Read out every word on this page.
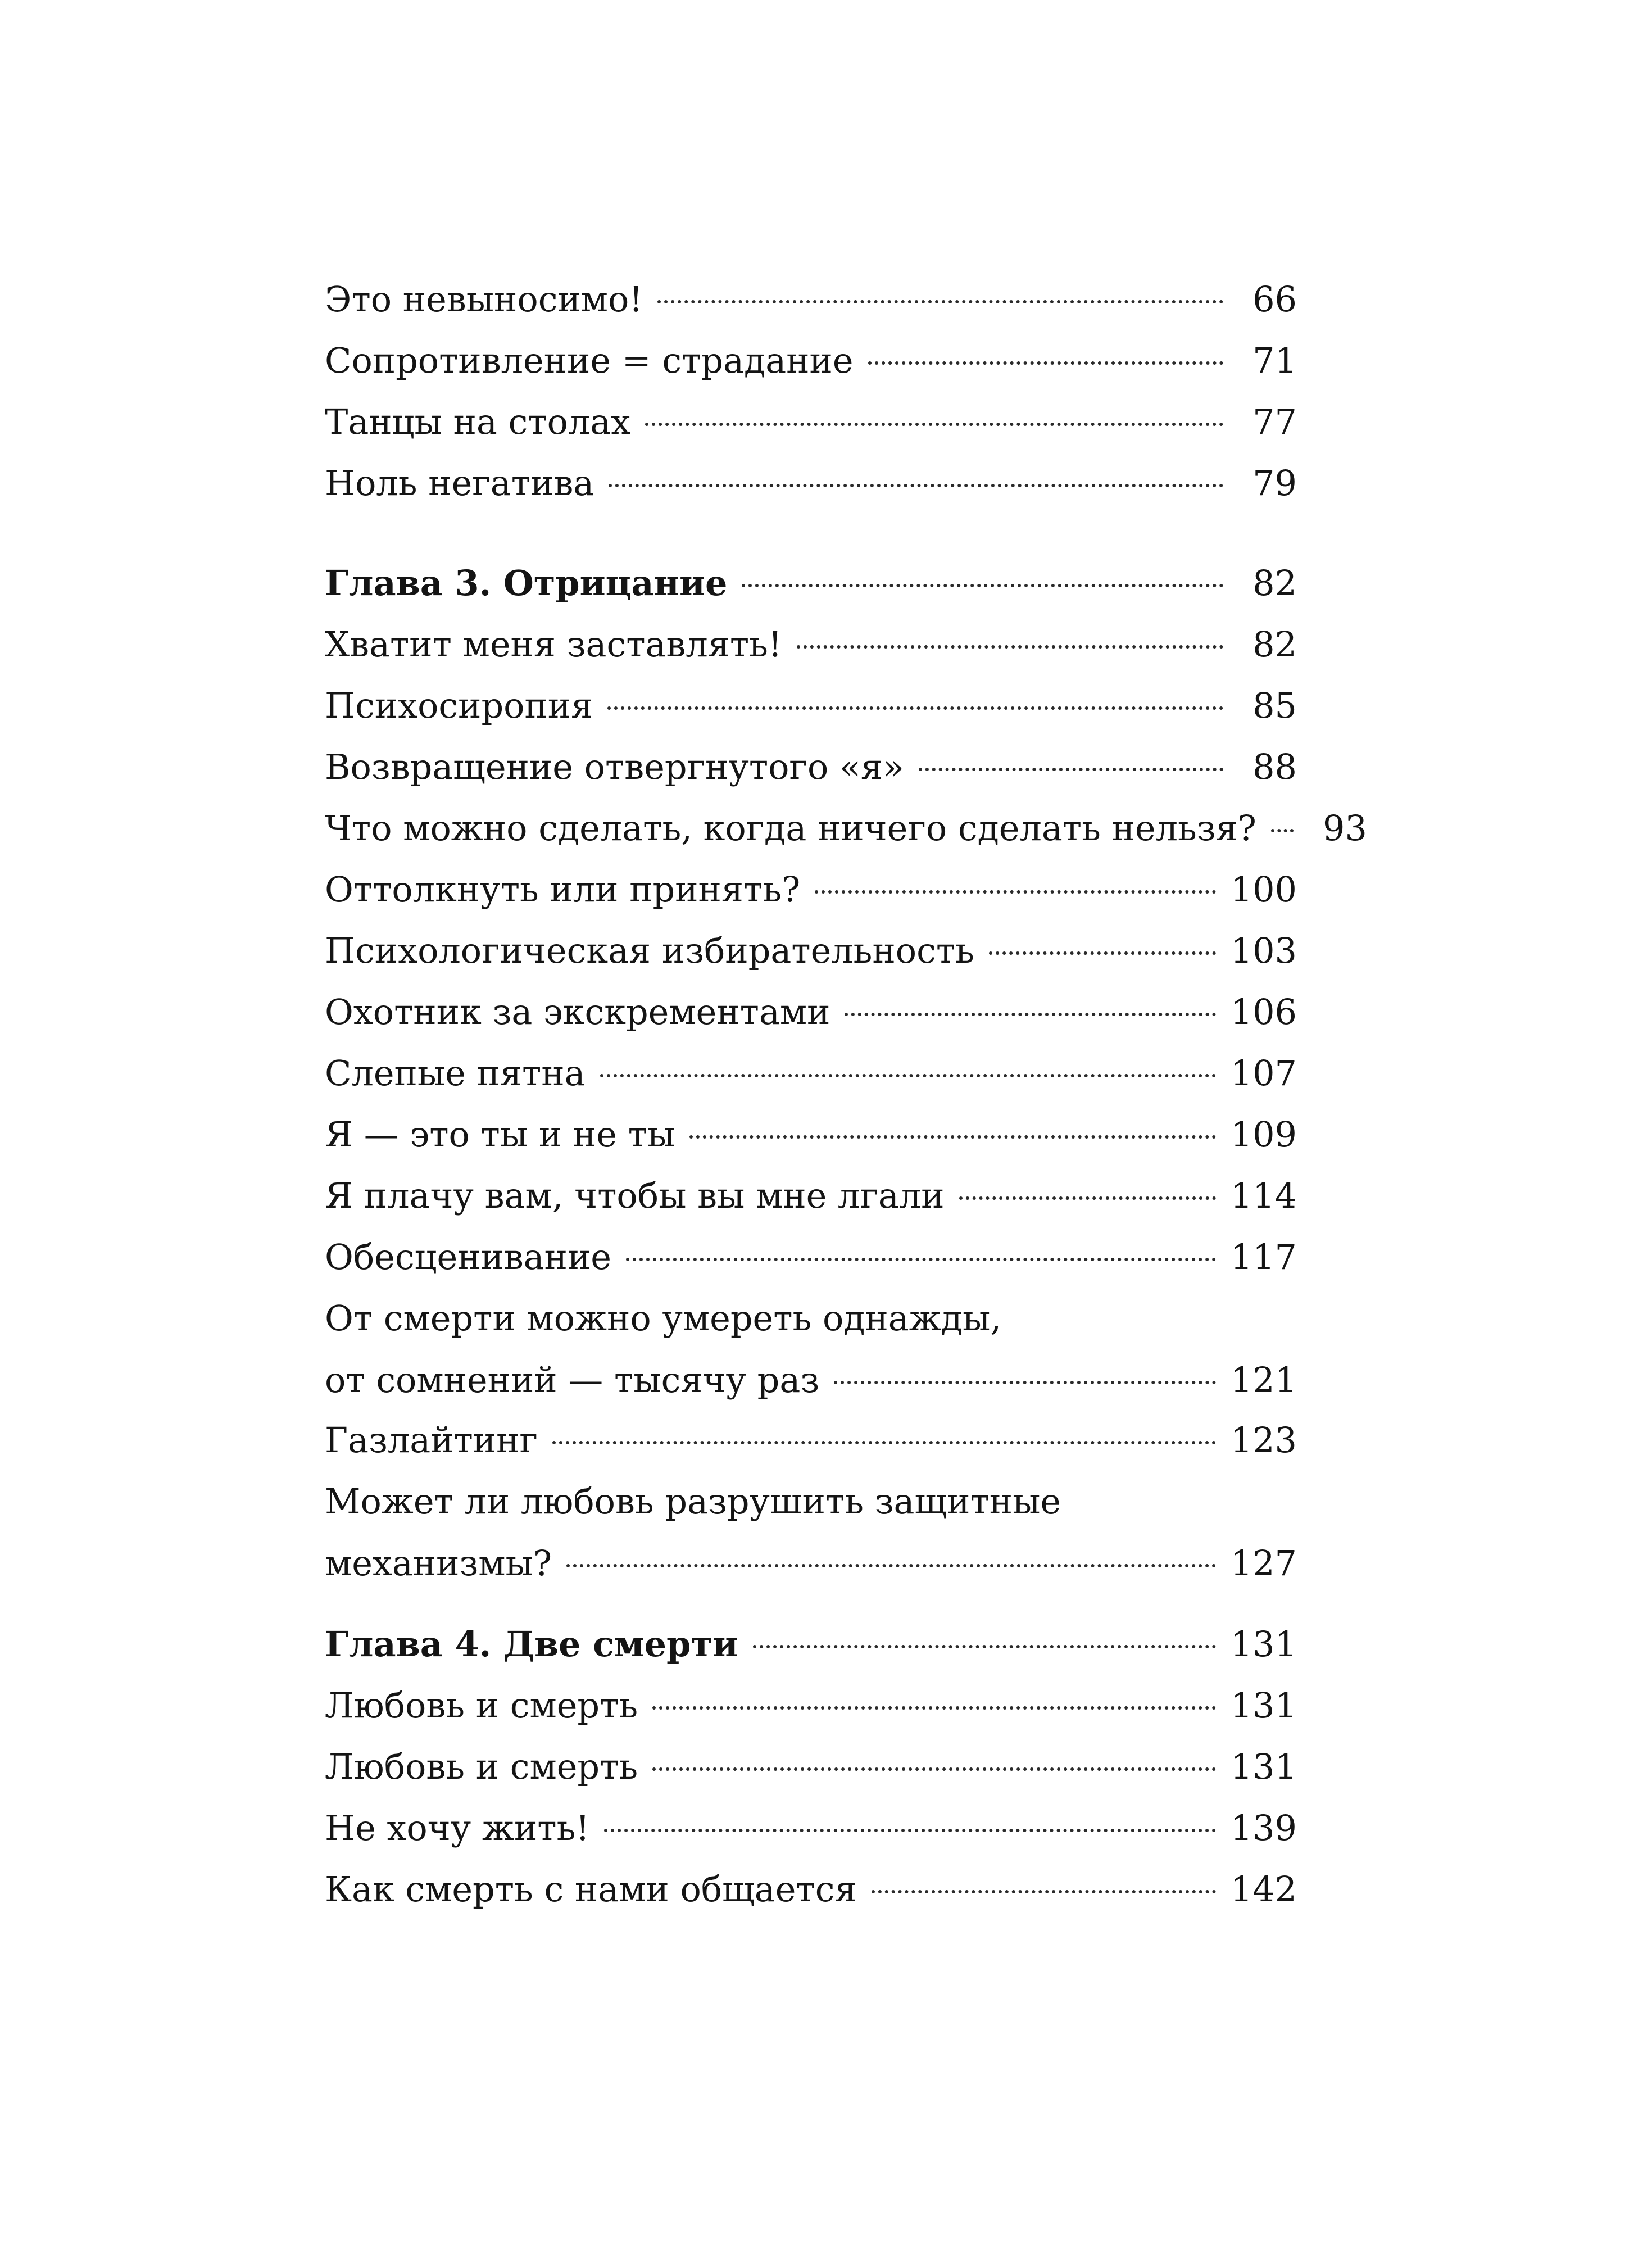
Это невыносимо!	66
Сопротивление = страдание	71
Танцы на столах	77
Ноль негатива	79
Глава 3. Отрицание	82
Хватит меня заставлять!	82
Психосиропия	85
Возвращение отвергнутого «я»	88
Что можно сделать, когда ничего сделать нельзя?	93
Оттолкнуть или принять?	100
Психологическая избирательность	103
Охотник за экскрементами	106
Слепые пятна	107
Я — это ты и не ты	109
Я плачу вам, чтобы вы мне лгали	114
Обесценивание	117
От смерти можно умереть однажды,
от сомнений — тысячу раз	121
Газлайтинг	123
Может ли любовь разрушить защитные
механизмы?	127
Глава 4. Две смерти	131
Любовь и смерть	131
Любовь и смерть	131
Не хочу жить!	139
Как смерть с нами общается	142
